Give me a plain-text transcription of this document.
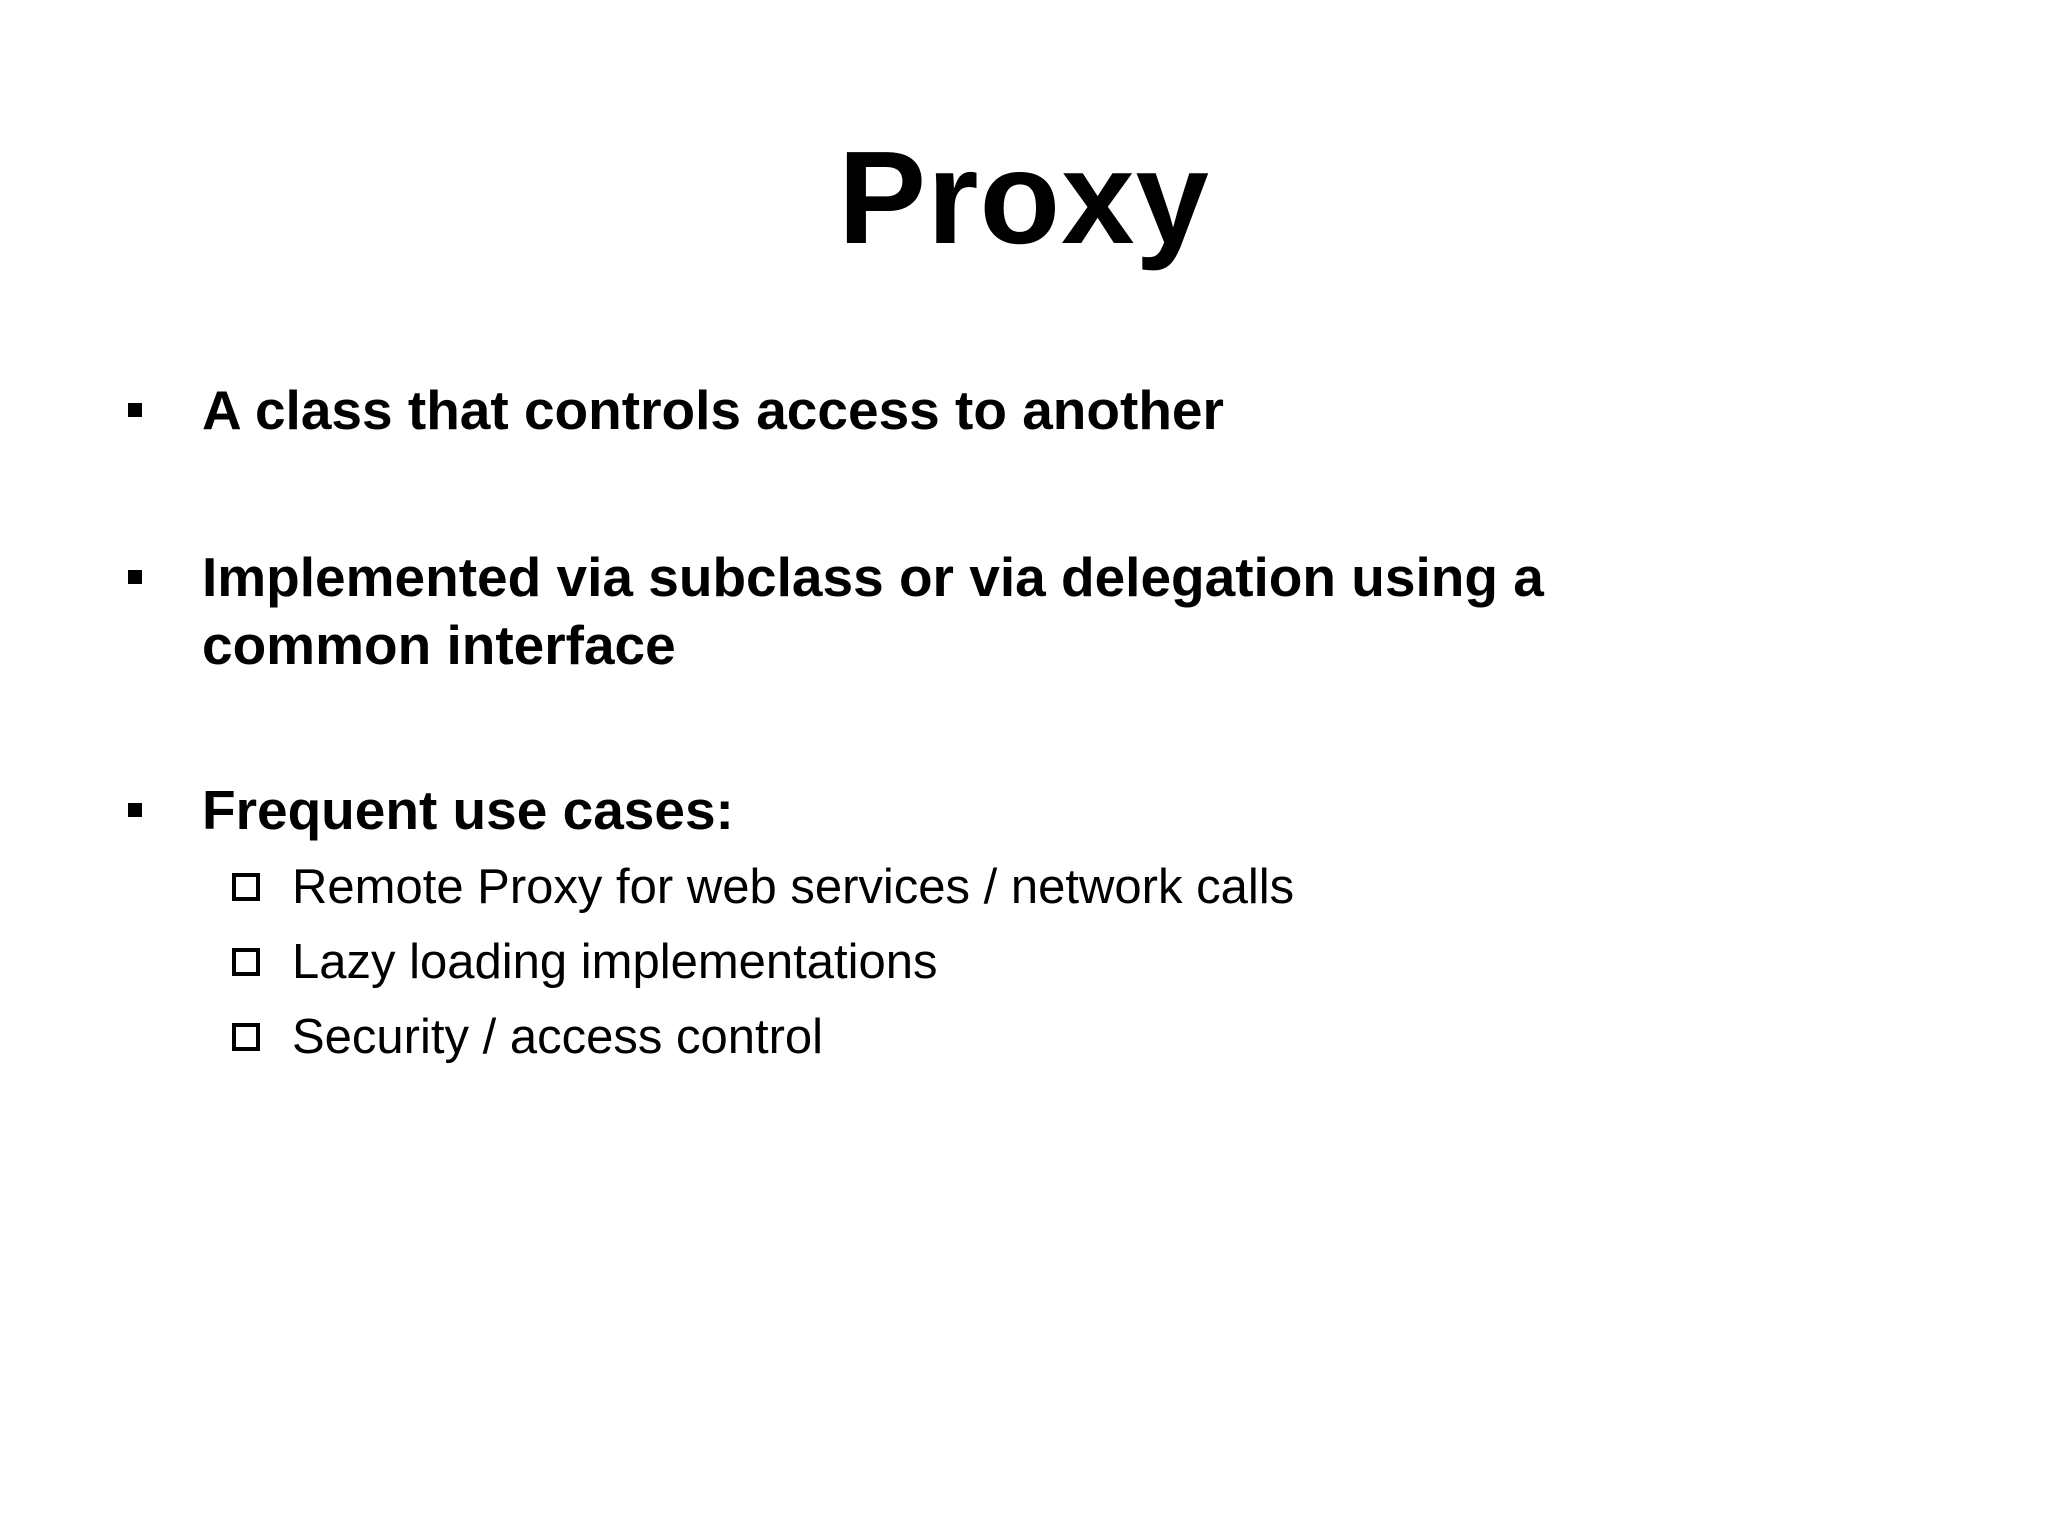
Proxy
A class that controls access to another
Implemented via subclass or via delegation using a
common interface
Frequent use cases:
Remote Proxy for web services / network calls
Lazy loading implementations
Security / access control
